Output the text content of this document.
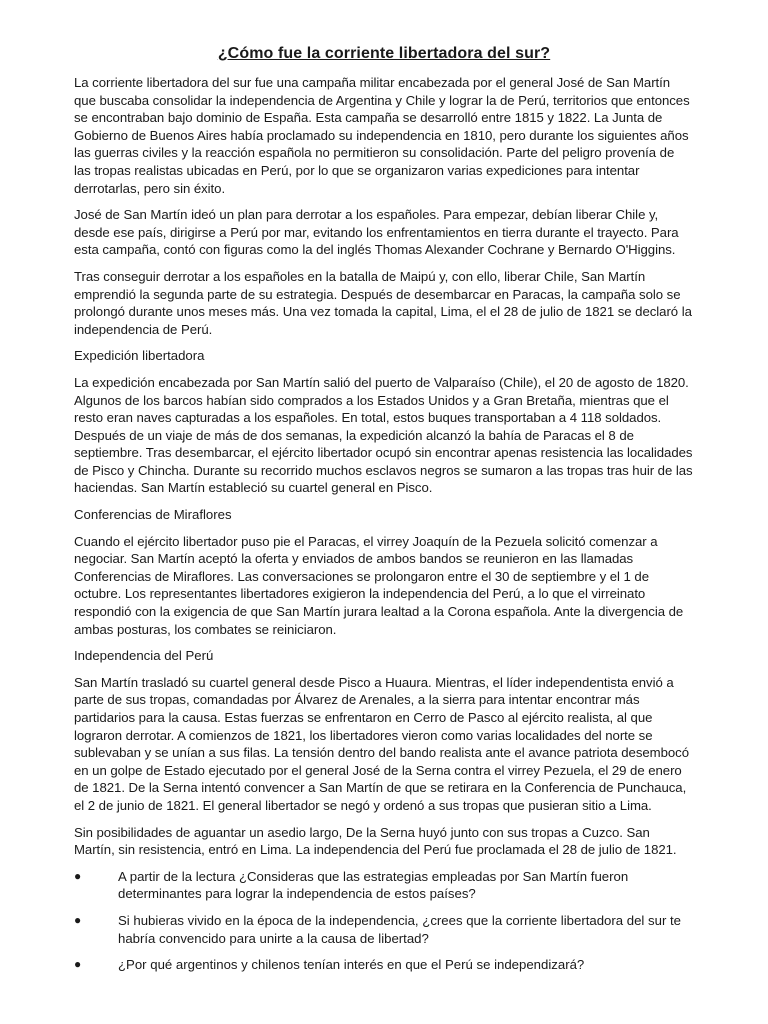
¿Cómo fue la corriente libertadora del sur?

La corriente libertadora del sur fue una campaña militar encabezada por el general José de San Martín que buscaba consolidar la independencia de Argentina y Chile y lograr la de Perú, territorios que entonces se encontraban bajo dominio de España. Esta campaña se desarrolló entre 1815 y 1822. La Junta de Gobierno de Buenos Aires había proclamado su independencia en 1810, pero durante los siguientes años las guerras civiles y la reacción española no permitieron su consolidación. Parte del peligro provenía de las tropas realistas ubicadas en Perú, por lo que se organizaron varias expediciones para intentar derrotarlas, pero sin éxito.

José de San Martín ideó un plan para derrotar a los españoles. Para empezar, debían liberar Chile y, desde ese país, dirigirse a Perú por mar, evitando los enfrentamientos en tierra durante el trayecto. Para esta campaña, contó con figuras como la del inglés Thomas Alexander Cochrane y Bernardo O'Higgins.

Tras conseguir derrotar a los españoles en la batalla de Maipú y, con ello, liberar Chile, San Martín emprendió la segunda parte de su estrategia. Después de desembarcar en Paracas, la campaña solo se prolongó durante unos meses más. Una vez tomada la capital, Lima, el el 28 de julio de 1821 se declaró la independencia de Perú.

Expedición libertadora

La expedición encabezada por San Martín salió del puerto de Valparaíso (Chile), el 20 de agosto de 1820. Algunos de los barcos habían sido comprados a los Estados Unidos y a Gran Bretaña, mientras que el resto eran naves capturadas a los españoles. En total, estos buques transportaban a 4 118 soldados. Después de un viaje de más de dos semanas, la expedición alcanzó la bahía de Paracas el 8 de septiembre. Tras desembarcar, el ejército libertador ocupó sin encontrar apenas resistencia las localidades de Pisco y Chincha. Durante su recorrido muchos esclavos negros se sumaron a las tropas tras huir de las haciendas. San Martín estableció su cuartel general en Pisco.

Conferencias de Miraflores

Cuando el ejército libertador puso pie el Paracas, el virrey Joaquín de la Pezuela solicitó comenzar a negociar. San Martín aceptó la oferta y enviados de ambos bandos se reunieron en las llamadas Conferencias de Miraflores. Las conversaciones se prolongaron entre el 30 de septiembre y el 1 de octubre. Los representantes libertadores exigieron la independencia del Perú, a lo que el virreinato respondió con la exigencia de que San Martín jurara lealtad a la Corona española. Ante la divergencia de ambas posturas, los combates se reiniciaron.

Independencia del Perú

San Martín trasladó su cuartel general desde Pisco a Huaura. Mientras, el líder independentista envió a parte de sus tropas, comandadas por Álvarez de Arenales, a la sierra para intentar encontrar más partidarios para la causa. Estas fuerzas se enfrentaron en Cerro de Pasco al ejército realista, al que lograron derrotar. A comienzos de 1821, los libertadores vieron como varias localidades del norte se sublevaban y se unían a sus filas. La tensión dentro del bando realista ante el avance patriota desembocó en un golpe de Estado ejecutado por el general José de la Serna contra el virrey Pezuela, el 29 de enero de 1821. De la Serna intentó convencer a San Martín de que se retirara en la Conferencia de Punchauca, el 2 de junio de 1821. El general libertador se negó y ordenó a sus tropas que pusieran sitio a Lima.

Sin posibilidades de aguantar un asedio largo, De la Serna huyó junto con sus tropas a Cuzco. San Martín, sin resistencia, entró en Lima. La independencia del Perú fue proclamada el 28 de julio de 1821.

●	A partir de la lectura ¿Consideras que las estrategias empleadas por San Martín fueron determinantes para lograr la independencia de estos países?
●	Si hubieras vivido en la época de la independencia, ¿crees que la corriente libertadora del sur te habría convencido para unirte a la causa de libertad?
●	¿Por qué argentinos y chilenos tenían interés en que el Perú se independizará?
